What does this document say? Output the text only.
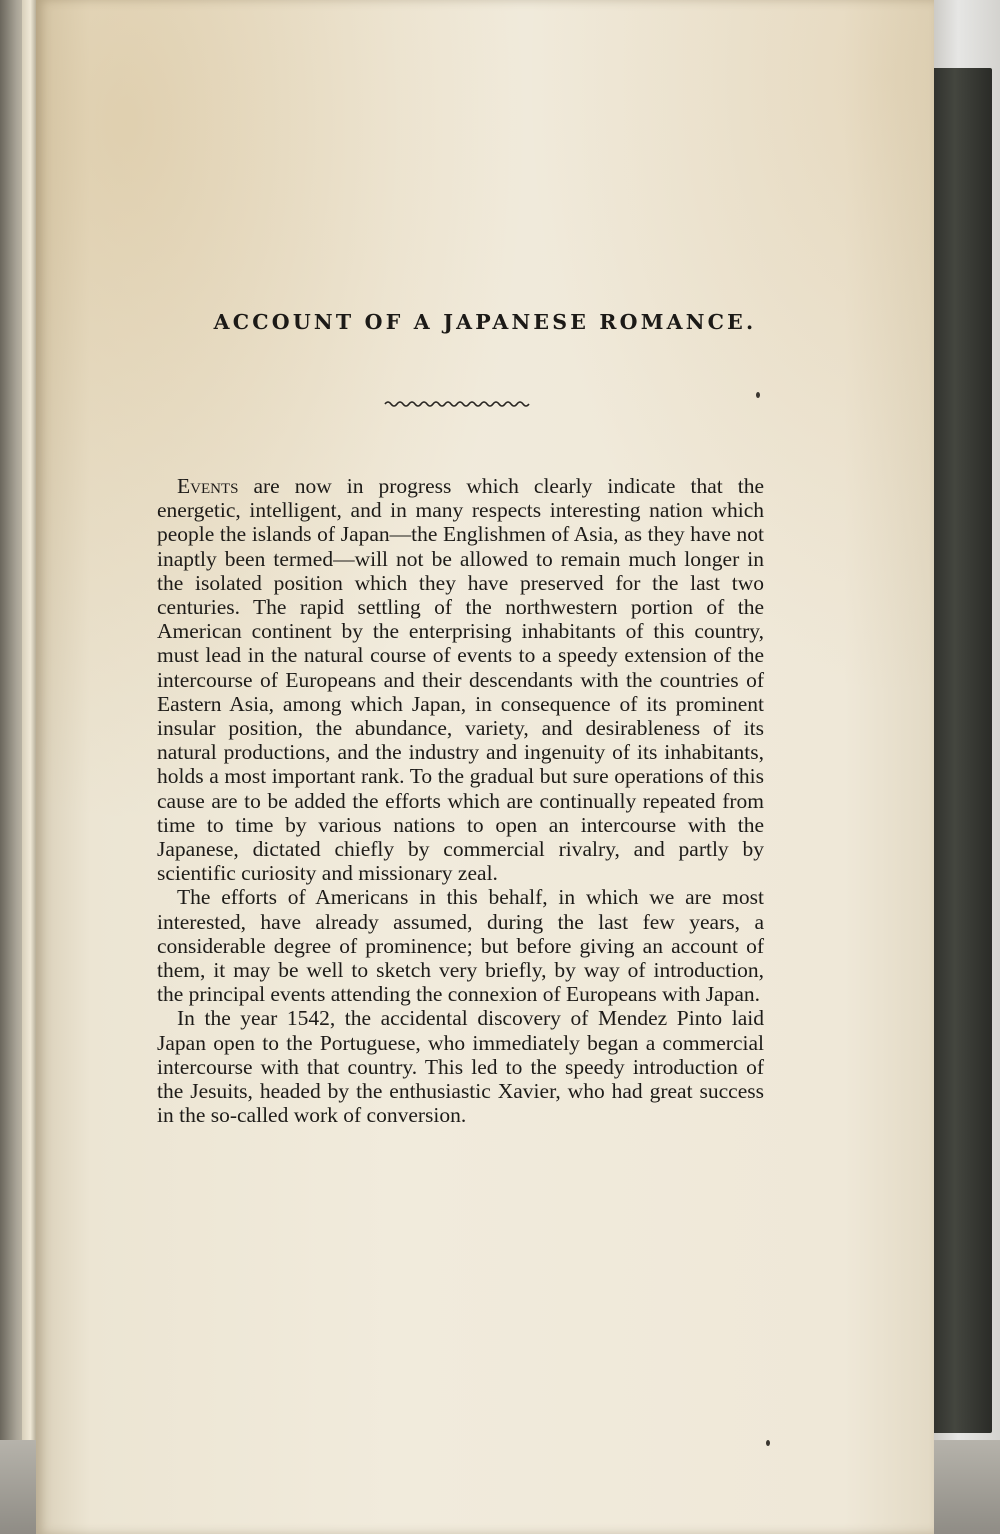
ACCOUNT OF A JAPANESE ROMANCE.

Events are now in progress which clearly indicate that the energetic, intelligent, and in many respects interesting nation which people the islands of Japan—the Englishmen of Asia, as they have not inaptly been termed—will not be allowed to remain much longer in the isolated position which they have preserved for the last two centuries. The rapid settling of the northwestern portion of the American continent by the enterprising inhabitants of this country, must lead in the natural course of events to a speedy extension of the intercourse of Europeans and their descendants with the countries of Eastern Asia, among which Japan, in consequence of its prominent insular position, the abundance, variety, and desirableness of its natural productions, and the industry and ingenuity of its inhabitants, holds a most important rank. To the gradual but sure operations of this cause are to be added the efforts which are continually repeated from time to time by various nations to open an intercourse with the Japanese, dictated chiefly by commercial rivalry, and partly by scientific curiosity and missionary zeal.

The efforts of Americans in this behalf, in which we are most interested, have already assumed, during the last few years, a considerable degree of prominence; but before giving an account of them, it may be well to sketch very briefly, by way of introduction, the principal events attending the connexion of Europeans with Japan.

In the year 1542, the accidental discovery of Mendez Pinto laid Japan open to the Portuguese, who immediately began a commercial intercourse with that country. This led to the speedy introduction of the Jesuits, headed by the enthusiastic Xavier, who had great success in the so-called work of conversion.
